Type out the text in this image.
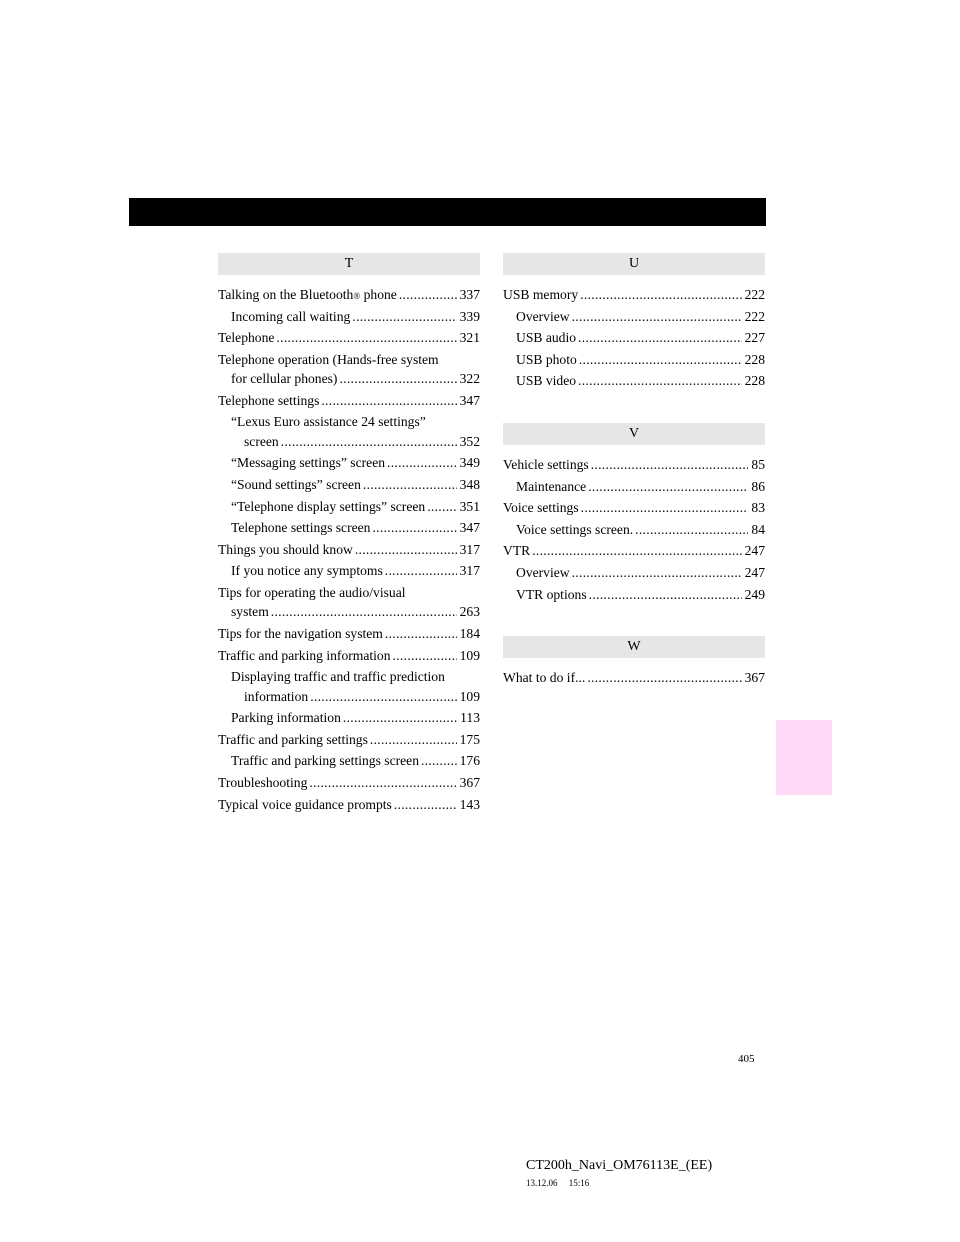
T
Talking on the Bluetooth ® phone .....	337
Incoming call waiting .....	339
Telephone .....	321
Telephone operation (Hands-free system
for cellular phones) .....	322
Telephone settings .....	347
“Lexus Euro assistance 24 settings”
screen .....	352
“Messaging settings” screen .....	349
“Sound settings” screen .....	348
“Telephone display settings” screen .....	351
Telephone settings screen .....	347
Things you should know .....	317
If you notice any symptoms .....	317
Tips for operating the audio/visual
system .....	263
Tips for the navigation system .....	184
Traffic and parking information .....	109
Displaying traffic and traffic prediction
information .....	109
Parking information .....	113
Traffic and parking settings .....	175
Traffic and parking settings screen .....	176
Troubleshooting .....	367
Typical voice guidance prompts .....	143
U
USB memory .....	222
Overview .....	222
USB audio .....	227
USB photo .....	228
USB video .....	228
V
Vehicle settings .....	85
Maintenance .....	86
Voice settings .....	83
Voice settings screen. .....	84
VTR .....	247
Overview .....	247
VTR options .....	249
W
What to do if... .....	367
405
CT200h_Navi_OM76113E_(EE)
13.12.06     15:16
